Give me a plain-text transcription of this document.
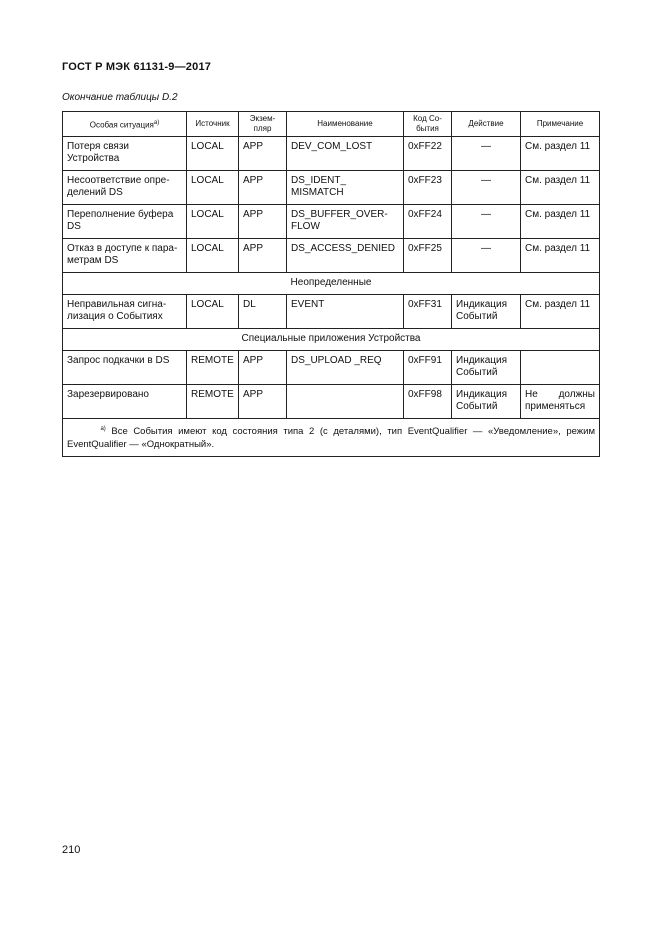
ГОСТ Р МЭК 61131-9—2017
Окончание таблицы D.2
Особая ситуация$^{а)}$	Источник	Экзем-пляр	Наименование	Код Со-бытия	Действие	Примечание
Потеря связи Устройства	LOCAL	APP	DEV_COM_LOST	0xFF22	—	См. раздел 11
Несоответствие опре-делений DS	LOCAL	APP	DS_IDENT_ MISMATCH	0xFF23	—	См. раздел 11
Переполнение буфера DS	LOCAL	APP	DS_BUFFER_OVER-FLOW	0xFF24	—	См. раздел 11
Отказ в доступе к пара-метрам DS	LOCAL	APP	DS_ACCESS_DENIED	0xFF25	—	См. раздел 11
Неопределенные						
Неправильная сигна-лизация о Событиях	LOCAL	DL	EVENT	0xFF31	Индикация Событий	См. раздел 11
Специальные приложения Устройства						
Запрос подкачки в DS	REMOTE	APP	DS_UPLOAD _REQ	0xFF91	Индикация Событий	
Зарезервировано	REMOTE	APP		0xFF98	Индикация Событий	Не должны применяться
$^{а)}$ Все События имеют код состояния типа 2 (с деталями), тип EventQualifier — «Уведомление», режим EventQualifier — «Однократный».						
210
